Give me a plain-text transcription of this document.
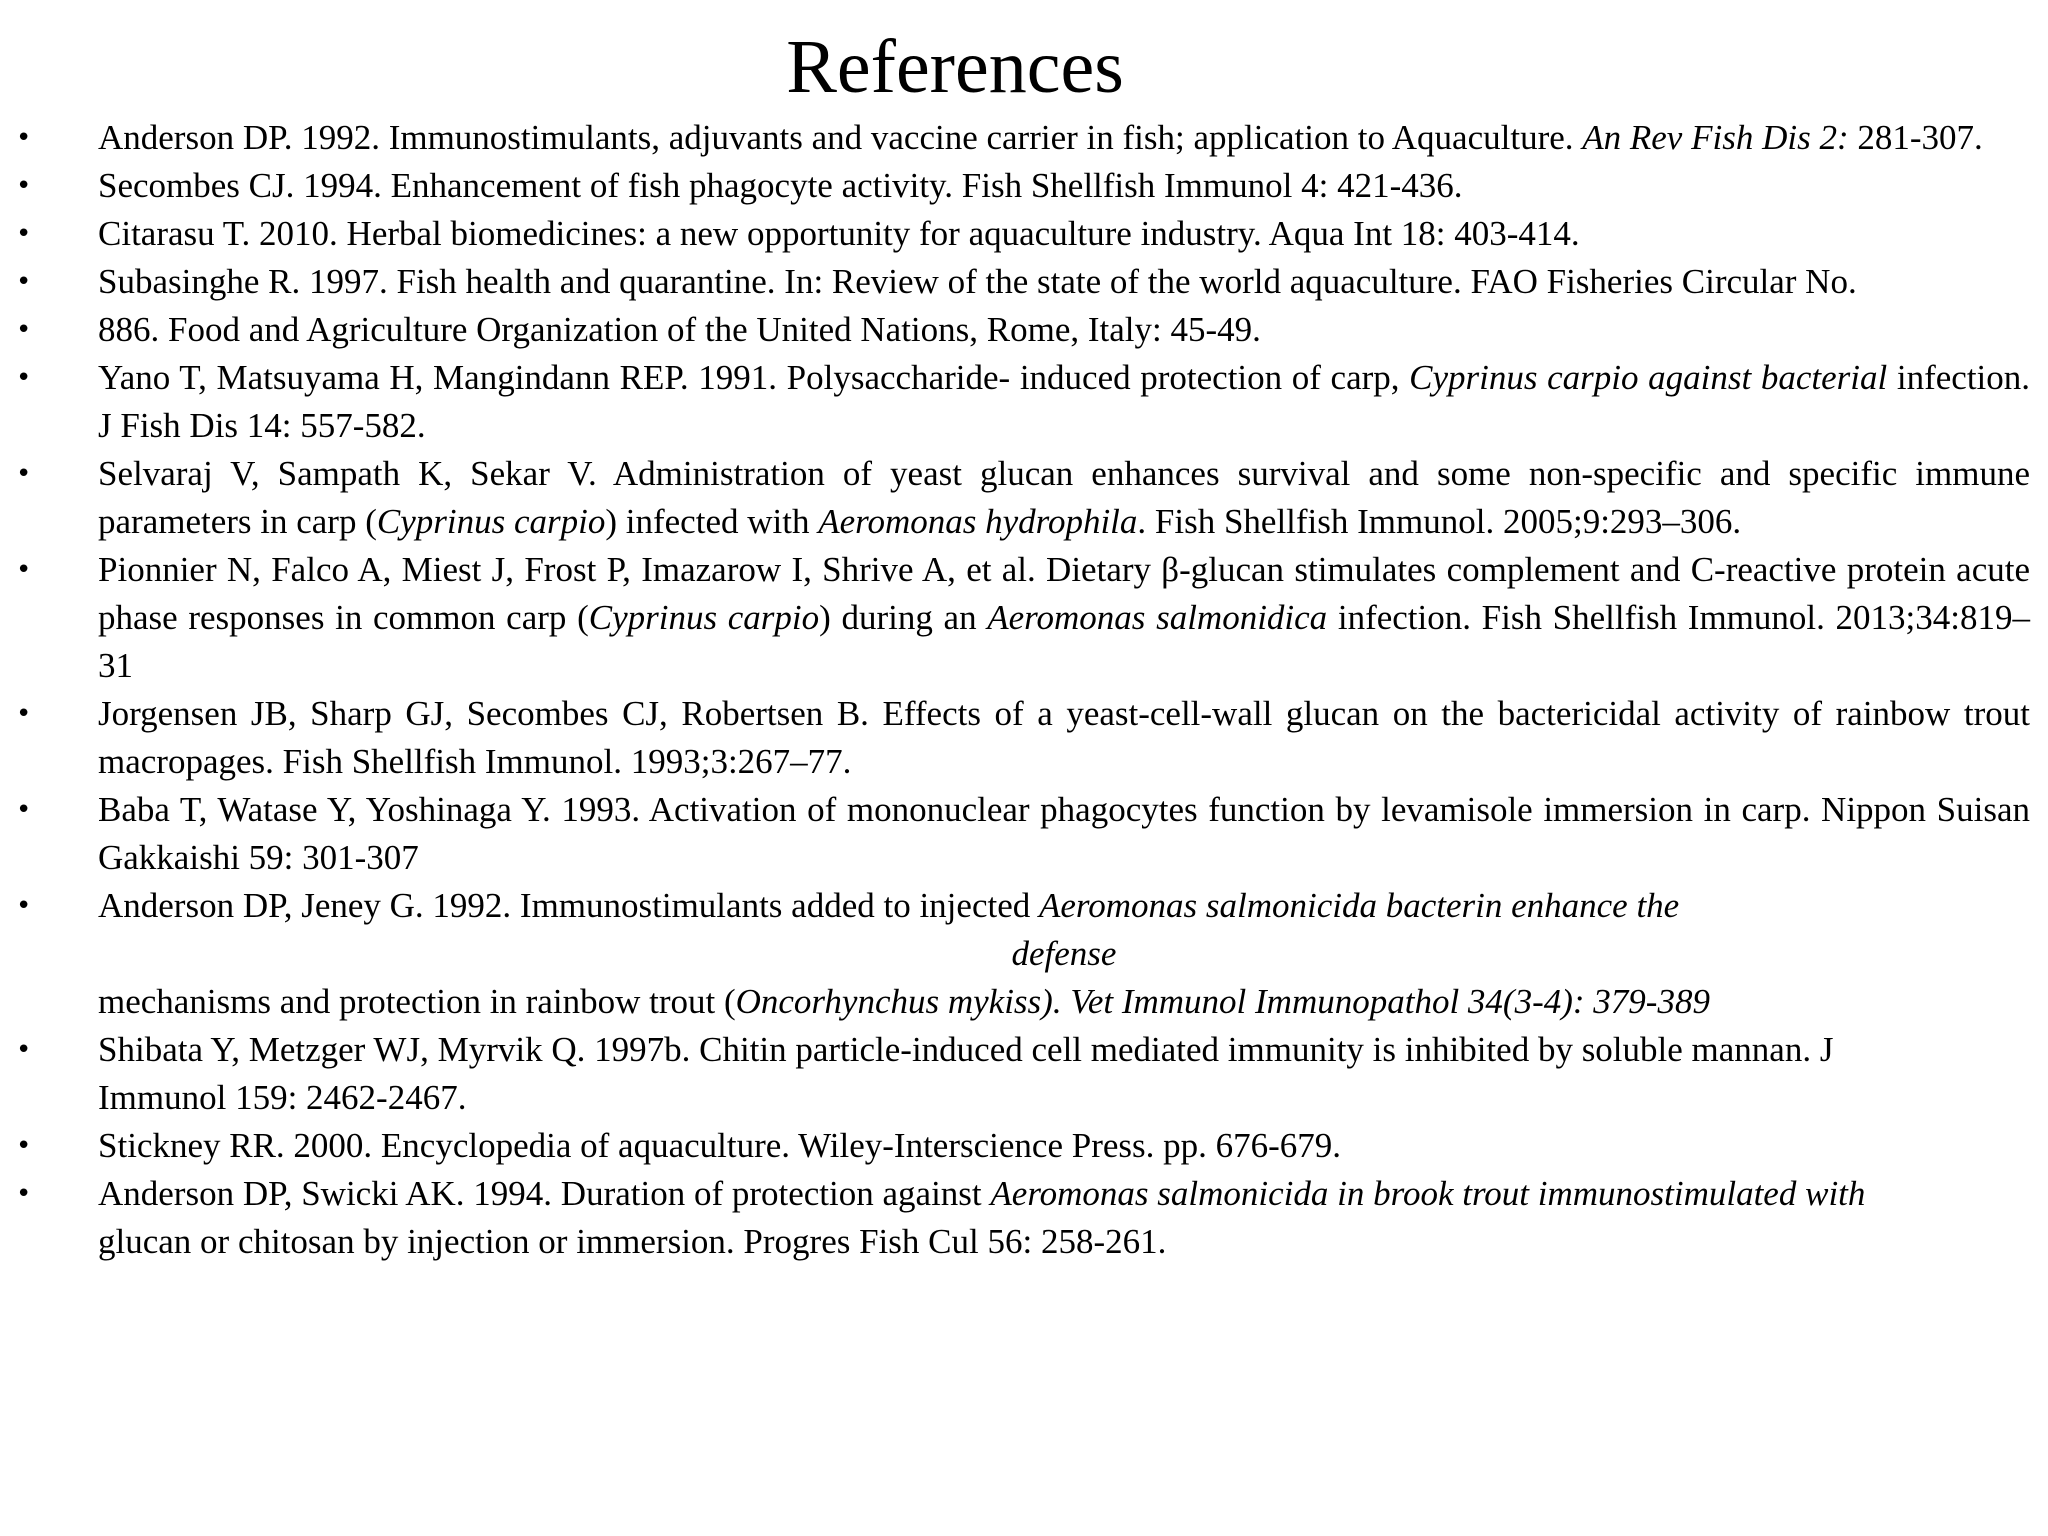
References
• Anderson DP. 1992. Immunostimulants, adjuvants and vaccine carrier in fish; application to Aquaculture. An Rev Fish Dis 2: 281-307.
• Secombes CJ. 1994. Enhancement of fish phagocyte activity. Fish Shellfish Immunol 4: 421-436.
• Citarasu T. 2010. Herbal biomedicines: a new opportunity for aquaculture industry. Aqua Int 18: 403-414.
• Subasinghe R. 1997. Fish health and quarantine. In: Review of the state of the world aquaculture. FAO Fisheries Circular No.
• 886. Food and Agriculture Organization of the United Nations, Rome, Italy: 45-49.
• Yano T, Matsuyama H, Mangindann REP. 1991. Polysaccharide- induced protection of carp, Cyprinus carpio against bacterial infection. J Fish Dis 14: 557-582.
• Selvaraj V, Sampath K, Sekar V. Administration of yeast glucan enhances survival and some non-specific and specific immune parameters in carp (Cyprinus carpio) infected with Aeromonas hydrophila. Fish Shellfish Immunol. 2005;9:293–306.
• Pionnier N, Falco A, Miest J, Frost P, Imazarow I, Shrive A, et al. Dietary β-glucan stimulates complement and C-reactive protein acute phase responses in common carp (Cyprinus carpio) during an Aeromonas salmonidica infection. Fish Shellfish Immunol. 2013;34:819–31
• Jorgensen JB, Sharp GJ, Secombes CJ, Robertsen B. Effects of a yeast-cell-wall glucan on the bactericidal activity of rainbow trout macropages. Fish Shellfish Immunol. 1993;3:267–77.
• Baba T, Watase Y, Yoshinaga Y. 1993. Activation of mononuclear phagocytes function by levamisole immersion in carp. Nippon Suisan Gakkaishi 59: 301-307
• Anderson DP, Jeney G. 1992. Immunostimulants added to injected Aeromonas salmonicida bacterin enhance the
defense
mechanisms and protection in rainbow trout (Oncorhynchus mykiss). Vet Immunol Immunopathol 34(3-4): 379-389
• Shibata Y, Metzger WJ, Myrvik Q. 1997b. Chitin particle-induced cell mediated immunity is inhibited by soluble mannan. J
Immunol 159: 2462-2467.
• Stickney RR. 2000. Encyclopedia of aquaculture. Wiley-Interscience Press. pp. 676-679.
• Anderson DP, Swicki AK. 1994. Duration of protection against Aeromonas salmonicida in brook trout immunostimulated with
glucan or chitosan by injection or immersion. Progres Fish Cul 56: 258-261.
